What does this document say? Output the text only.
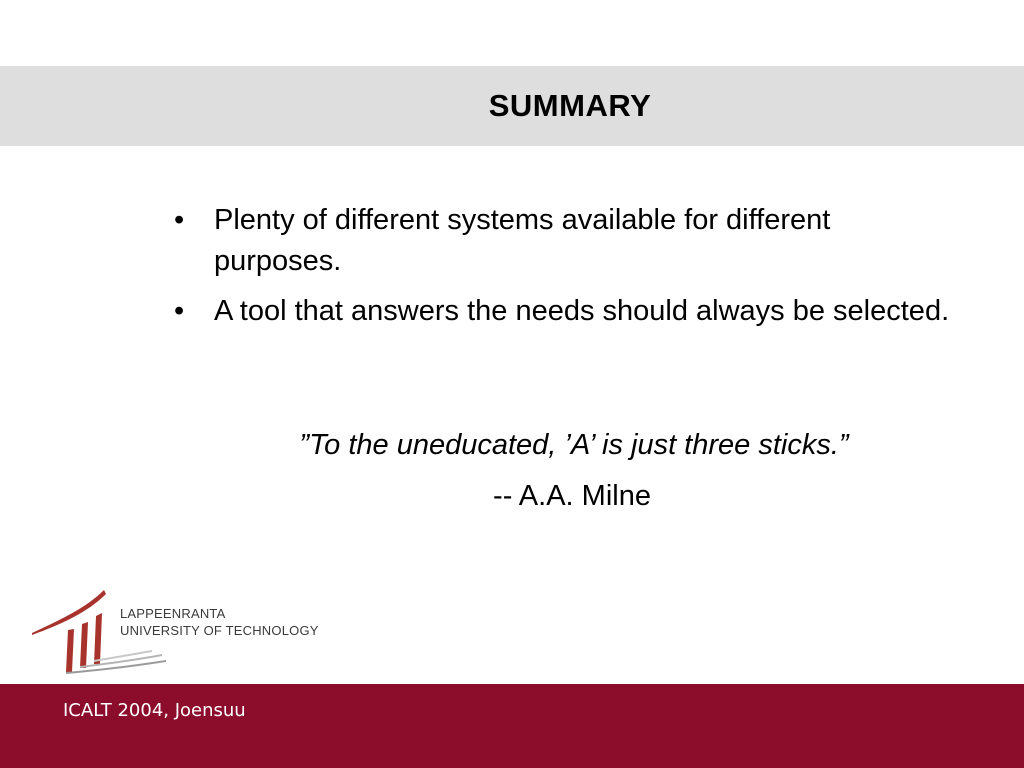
SUMMARY
• Plenty of different systems available for different purposes.
• A tool that answers the needs should always be selected.
”To the uneducated, ’A’ is just three sticks.”
-- A.A. Milne
LAPPEENRANTA
UNIVERSITY OF TECHNOLOGY
ICALT 2004, Joensuu
